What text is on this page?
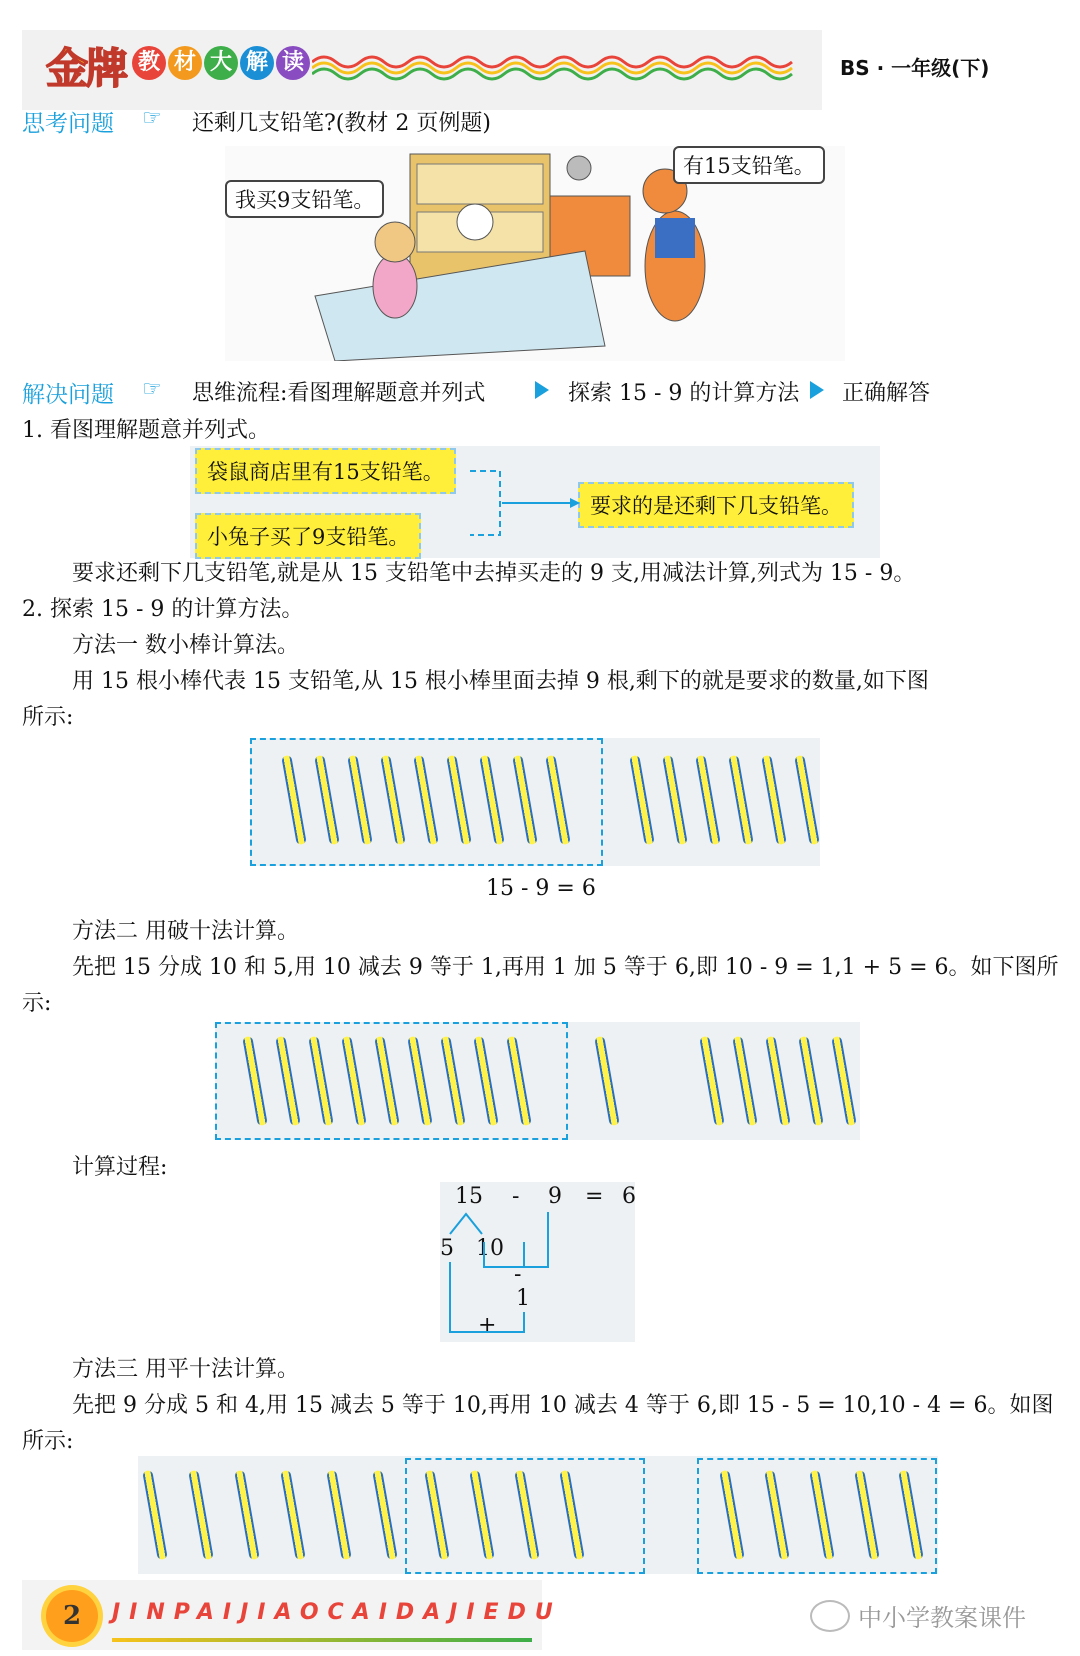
金牌 教 材 大 解 读	BS · 一年级(下)
思考问题 ☞ 还剩几支铅笔?(教材 2 页例题)
我买9支铅笔。
有15支铅笔。
解决问题 ☞ 思维流程:看图理解题意并列式	探索 15 - 9 的计算方法 正确解答
1. 看图理解题意并列式。
袋鼠商店里有15支铅笔。
小兔子买了9支铅笔。
要求的是还剩下几支铅笔。
要求还剩下几支铅笔,就是从 15 支铅笔中去掉买走的 9 支,用减法计算,列式为 15 - 9。
2. 探索 15 - 9 的计算方法。
方法一 数小棒计算法。
用 15 根小棒代表 15 支铅笔,从 15 根小棒里面去掉 9 根,剩下的就是要求的数量,如下图
所示:
15 - 9 = 6
方法二 用破十法计算。
先把 15 分成 10 和 5,用 10 减去 9 等于 1,再用 1 加 5 等于 6,即 10 - 9 = 1,1 + 5 = 6。如下图所
示:
计算过程:
15 - 9 = 6
5 10
-
1
+
方法三 用平十法计算。
先把 9 分成 5 和 4,用 15 减去 5 等于 10,再用 10 减去 4 等于 6,即 15 - 5 = 10,10 - 4 = 6。如图
所示:
2	JINPAIJIAOCAIDAJIEDU	中小学教案课件
